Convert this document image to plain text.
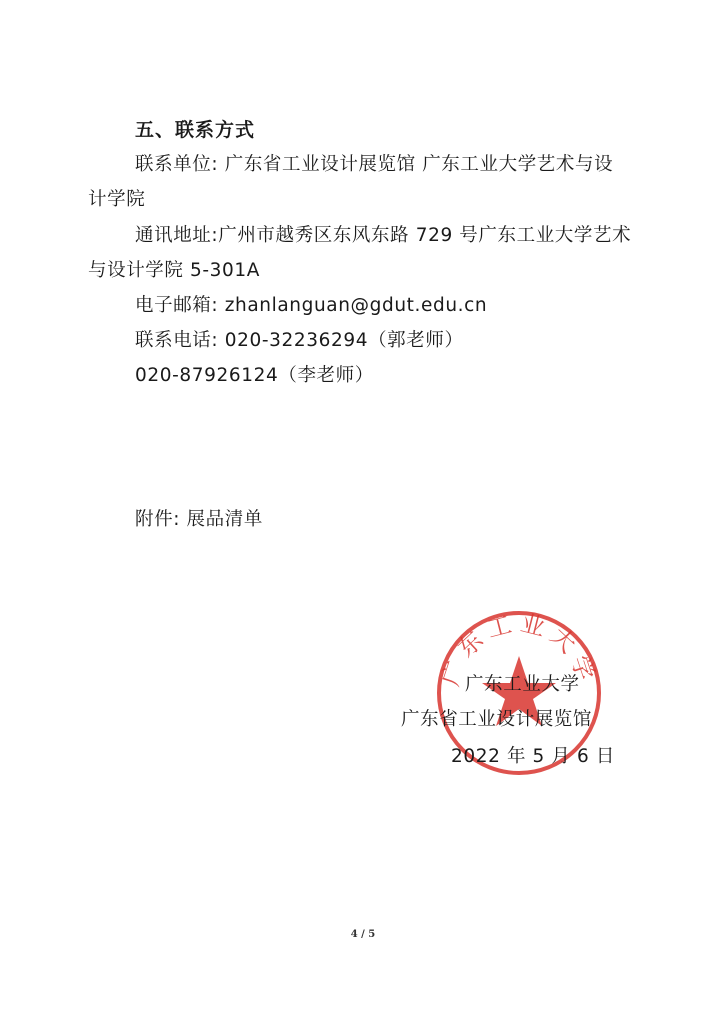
五、联系方式
联系单位: 广东省工业设计展览馆 广东工业大学艺术与设
计学院
通讯地址:广州市越秀区东风东路 729 号广东工业大学艺术
与设计学院 5-301A
电子邮箱: zhanlanguan@gdut.edu.cn
联系电话: 020-32236294（郭老师）
020-87926124（李老师）
附件: 展品清单
广东工业大学
广东工业大学
广东省工业设计展览馆
2022 年 5 月 6 日
4 / 5
